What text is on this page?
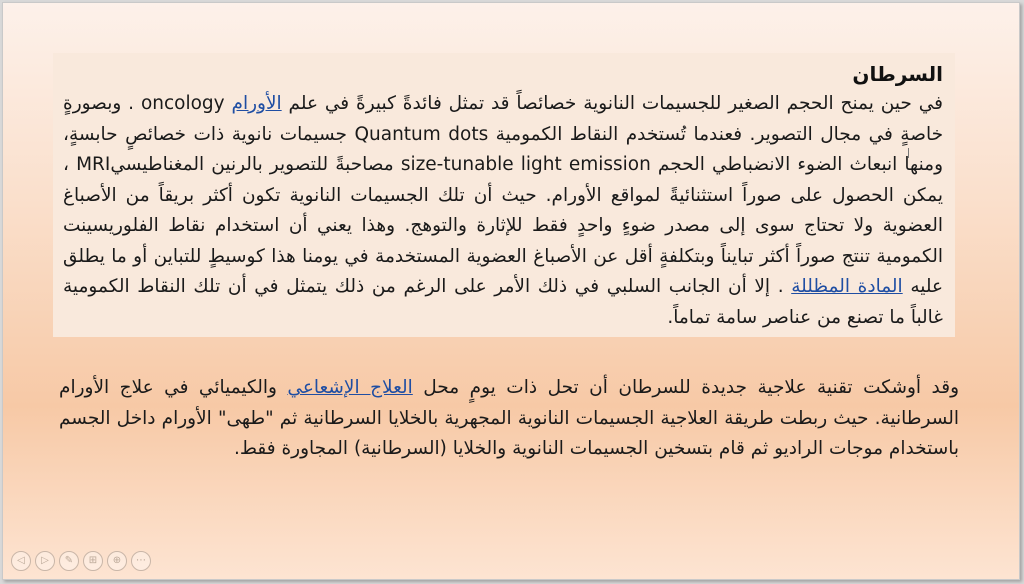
السرطان
في حين يمنح الحجم الصغير للجسيمات النانوية خصائصاً قد تمثل فائدةً كبيرةً في علم الأورام oncology . وبصورةٍ خاصةٍ في مجال التصوير. فعندما تُستخدم النقاط الكمومية Quantum dots جسيمات نانوية ذات خصائصٍ حابسةٍ، ومنها انبعاث الضوء الانضباطي الحجم size-tunable light emission مصاحبةً للتصوير بالرنين المغناطيسيMRI ، يمكن الحصول على صوراً استثنائيةً لمواقع الأورام. حيث أن تلك الجسيمات النانوية تكون أكثر بريقاً من الأصباغ العضوية ولا تحتاج سوى إلى مصدر ضوءٍ واحدٍ فقط للإثارة والتوهج. وهذا يعني أن استخدام نقاط الفلوريسينت الكمومية تنتج صوراً أكثر تبايناً وبتكلفةٍ أقل عن الأصباغ العضوية المستخدمة في يومنا هذا كوسيطٍ للتباين أو ما يطلق عليه المادة المظللة . إلا أن الجانب السلبي في ذلك الأمر على الرغم من ذلك يتمثل في أن تلك النقاط الكمومية غالباً ما تصنع من عناصر سامة تماماً.
وقد أوشكت تقنية علاجية جديدة للسرطان أن تحل ذات يومٍ محل العلاج الإشعاعي والكيميائي في علاج الأورام السرطانية. حيث ربطت طريقة العلاجية الجسيمات النانوية المجهرية بالخلايا السرطانية ثم "طهى" الأورام داخل الجسم باستخدام موجات الراديو ثم قام بتسخين الجسيمات النانوية والخلايا (السرطانية) المجاورة فقط.
◁	▷	✎	⊞	⊕	⋯
